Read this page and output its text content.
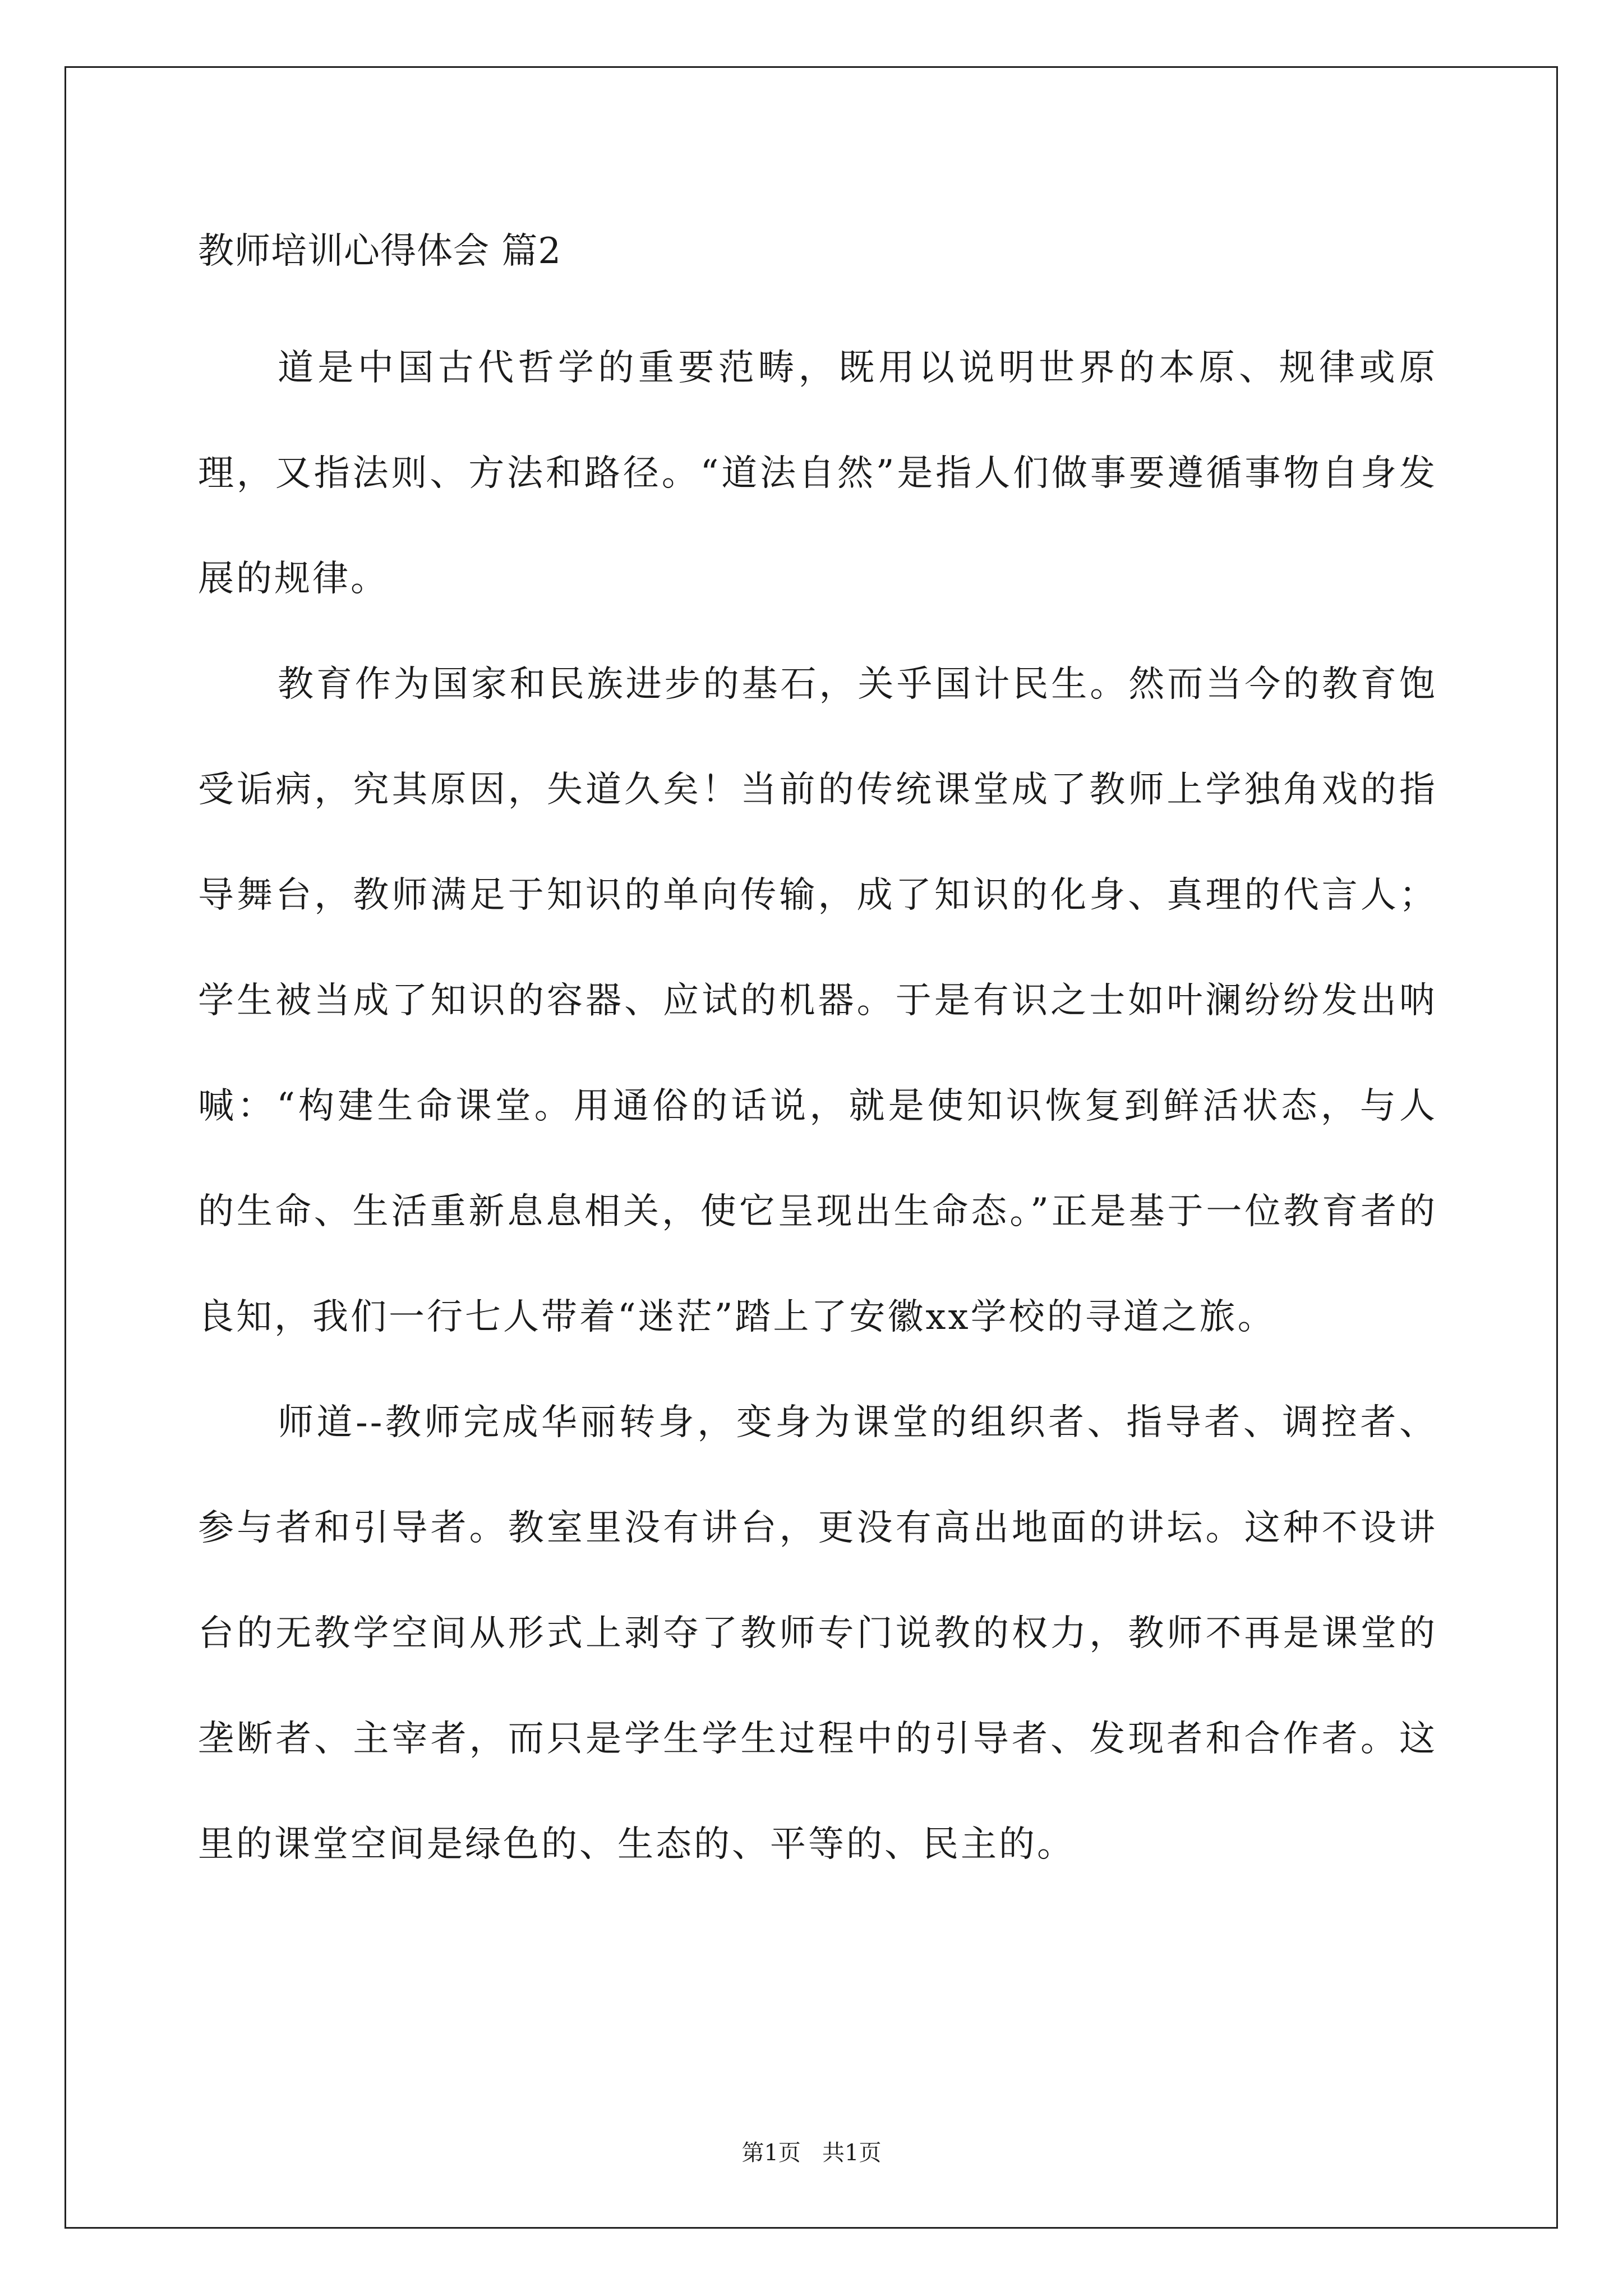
教师培训心得体会 篇2

道是中国古代哲学的重要范畴，既用以说明世界的本原、规律或原理，又指法则、方法和路径。“道法自然”是指人们做事要遵循事物自身发展的规律。

教育作为国家和民族进步的基石，关乎国计民生。然而当今的教育饱受诟病，究其原因，失道久矣！当前的传统课堂成了教师上学独角戏的指导舞台，教师满足于知识的单向传输，成了知识的化身、真理的代言人；学生被当成了知识的容器、应试的机器。于是有识之士如叶澜纷纷发出呐喊：“构建生命课堂。用通俗的话说，就是使知识恢复到鲜活状态，与人的生命、生活重新息息相关，使它呈现出生命态。”正是基于一位教育者的良知，我们一行七人带着“迷茫”踏上了安徽xx学校的寻道之旅。

师道--教师完成华丽转身，变身为课堂的组织者、指导者、调控者、参与者和引导者。教室里没有讲台，更没有高出地面的讲坛。这种不设讲台的无教学空间从形式上剥夺了教师专门说教的权力，教师不再是课堂的垄断者、主宰者，而只是学生学生过程中的引导者、发现者和合作者。这里的课堂空间是绿色的、生态的、平等的、民主的。

第1页   共1页
